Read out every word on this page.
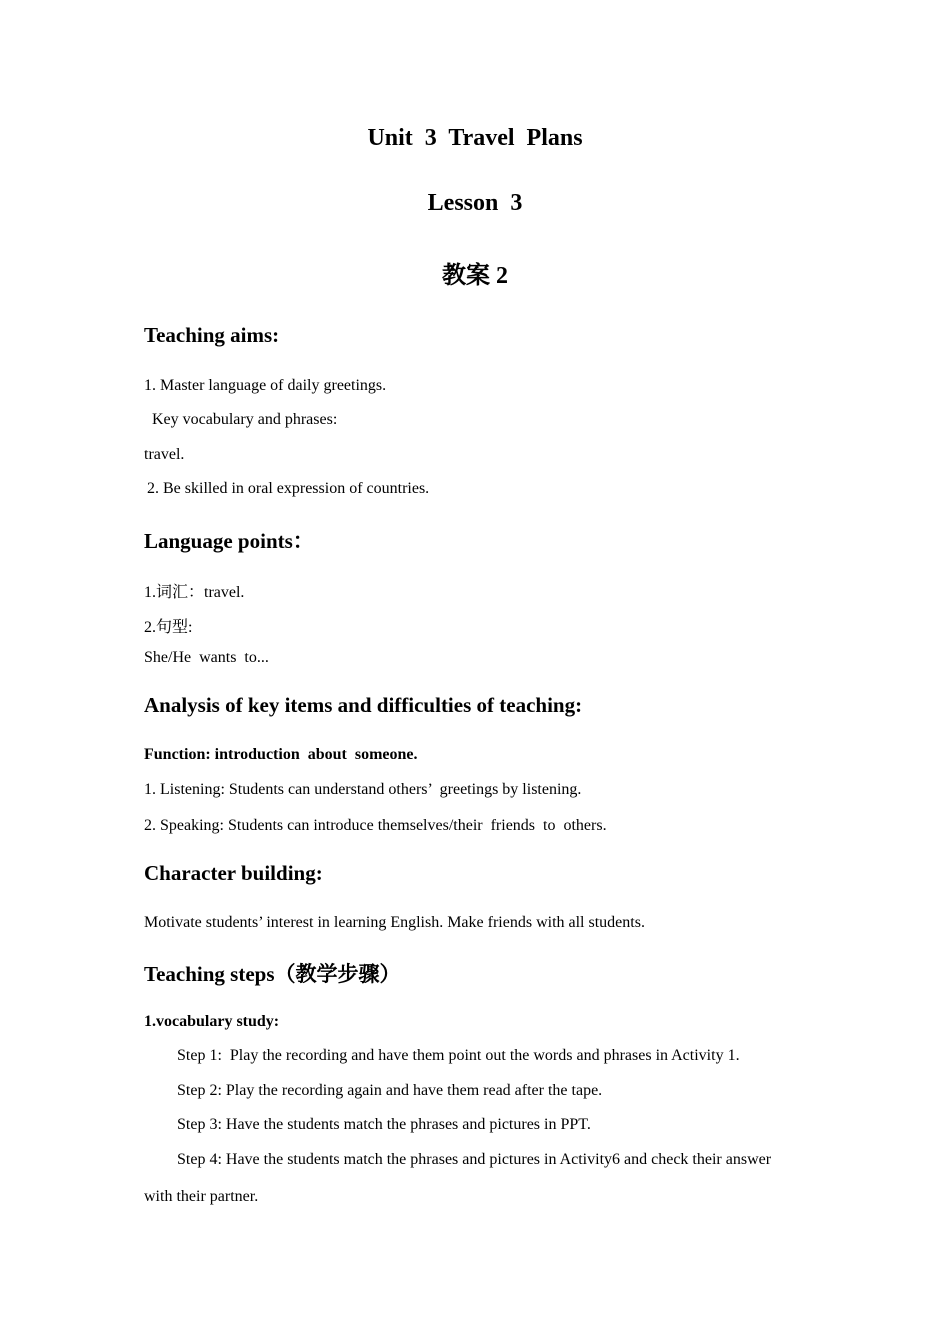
Unit  3  Travel  Plans
Lesson  3
教案 2
Teaching aims:
1. Master language of daily greetings.
Key vocabulary and phrases:
travel.
2. Be skilled in oral expression of countries.
Language points：
1.词汇：travel.
2.句型:
She/He  wants  to...
Analysis of key items and difficulties of teaching:
Function: introduction  about  someone.
1. Listening: Students can understand others’  greetings by listening.
2. Speaking: Students can introduce themselves/their  friends  to  others.
Character building:
Motivate students’ interest in learning English. Make friends with all students.
Teaching steps（教学步骤）
1.vocabulary study:
Step 1:  Play the recording and have them point out the words and phrases in Activity 1.
Step 2: Play the recording again and have them read after the tape.
Step 3: Have the students match the phrases and pictures in PPT.
Step 4: Have the students match the phrases and pictures in Activity6 and check their answer
with their partner.
